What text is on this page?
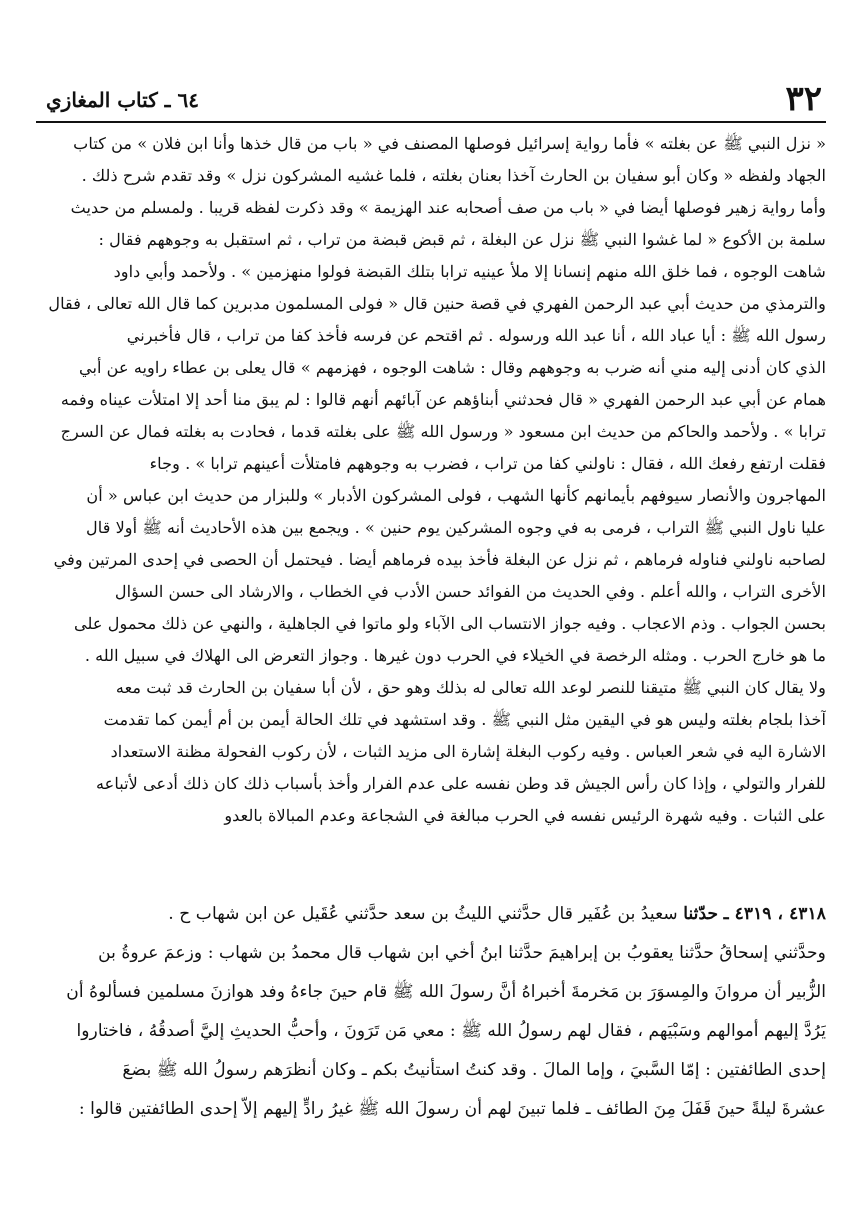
٣٢
٦٤ ـ كتاب المغازي
« نزل النبي ﷺ عن بغلته » فأما رواية إسرائيل فوصلها المصنف في « باب من قال خذها وأنا ابن فلان » من كتاب
الجهاد ولفظه « وكان أبو سفيان بن الحارث آخذا بعنان بغلته ، فلما غشيه المشركون نزل » وقد تقدم شرح ذلك .
وأما رواية زهير فوصلها أيضا في « باب من صف أصحابه عند الهزيمة » وقد ذكرت لفظه قريبا . ولمسلم من حديث
سلمة بن الأكوع « لما غشوا النبي ﷺ نزل عن البغلة ، ثم قبض قبضة من تراب ، ثم استقبل به وجوههم فقال :
شاهت الوجوه ، فما خلق الله منهم إنسانا إلا ملأ عينيه ترابا بتلك القبضة فولوا منهزمين » . ولأحمد وأبي داود
والترمذي من حديث أبي عبد الرحمن الفهري في قصة حنين قال « فولى المسلمون مدبرين كما قال الله تعالى ، فقال
رسول الله ﷺ : أيا عباد الله ، أنا عبد الله ورسوله . ثم اقتحم عن فرسه فأخذ كفا من تراب ، قال فأخبرني
الذي كان أدنى إليه مني أنه ضرب به وجوههم وقال : شاهت الوجوه ، فهزمهم » قال يعلى بن عطاء راويه عن أبي
همام عن أبي عبد الرحمن الفهري « قال فحدثني أبناؤهم عن آبائهم أنهم قالوا : لم يبق منا أحد إلا امتلأت عيناه وفمه
ترابا » . ولأحمد والحاكم من حديث ابن مسعود « ورسول الله ﷺ على بغلته قدما ، فحادت به بغلته فمال عن السرج
فقلت ارتفع رفعك الله ، فقال : ناولني كفا من تراب ، فضرب به وجوههم فامتلأت أعينهم ترابا » . وجاء
المهاجرون والأنصار سيوفهم بأيمانهم كأنها الشهب ، فولى المشركون الأدبار » وللبزار من حديث ابن عباس « أن
عليا ناول النبي ﷺ التراب ، فرمى به في وجوه المشركين يوم حنين » . ويجمع بين هذه الأحاديث أنه ﷺ أولا قال
لصاحبه ناولني فناوله فرماهم ، ثم نزل عن البغلة فأخذ بيده فرماهم أيضا . فيحتمل أن الحصى في إحدى المرتين وفي
الأخرى التراب ، والله أعلم . وفي الحديث من الفوائد حسن الأدب في الخطاب ، والارشاد الى حسن السؤال
بحسن الجواب . وذم الاعجاب . وفيه جواز الانتساب الى الآباء ولو ماتوا في الجاهلية ، والنهي عن ذلك محمول على
ما هو خارج الحرب . ومثله الرخصة في الخيلاء في الحرب دون غيرها . وجواز التعرض الى الهلاك في سبيل الله .
ولا يقال كان النبي ﷺ متيقنا للنصر لوعد الله تعالى له بذلك وهو حق ، لأن أبا سفيان بن الحارث قد ثبت معه
آخذا بلجام بغلته وليس هو في اليقين مثل النبي ﷺ . وقد استشهد في تلك الحالة أيمن بن أم أيمن كما تقدمت
الاشارة اليه في شعر العباس . وفيه ركوب البغلة إشارة الى مزيد الثبات ، لأن ركوب الفحولة مظنة الاستعداد
للفرار والتولي ، وإذا كان رأس الجيش قد وطن نفسه على عدم الفرار وأخذ بأسباب ذلك كان ذلك أدعى لأتباعه
على الثبات . وفيه شهرة الرئيس نفسه في الحرب مبالغة في الشجاعة وعدم المبالاة بالعدو
٤٣١٨ ، ٤٣١٩ ـ حدّثنا سعيدُ بن عُفَير قال حدَّثني الليثُ بن سعد حدَّثني عُقَيل عن ابن شهاب ح .
وحدَّثني إسحاقُ حدَّثنا يعقوبُ بن إبراهيمَ حدَّثنا ابنُ أخي ابن شهاب قال محمدُ بن شهاب : وزعمَ عروةُ بن
الزُّبير أن مروانَ والمِسوَرَ بن مَخرمةَ أخبراهُ أنَّ رسولَ الله ﷺ قام حينَ جاءهُ وفد هوازنَ مسلمين فسألوهُ أن
يَرُدَّ إليهم أموالهم وسَبْيَهم ، فقال لهم رسولُ الله ﷺ : معي مَن تَرَونَ ، وأحبُّ الحديثِ إليَّ أصدقُهُ ، فاختاروا
إحدى الطائفتين : إمّا السَّبيَ ، وإما المالَ . وقد كنتُ استأنيتُ بكم ـ وكان أنظرَهم رسولُ الله ﷺ بضعَ
عشرةَ ليلةً حينَ قَفَلَ مِنَ الطائف ـ فلما تبينَ لهم أن رسولَ الله ﷺ غيرُ رادٍّ إليهم إلاّ إحدى الطائفتين قالوا :
